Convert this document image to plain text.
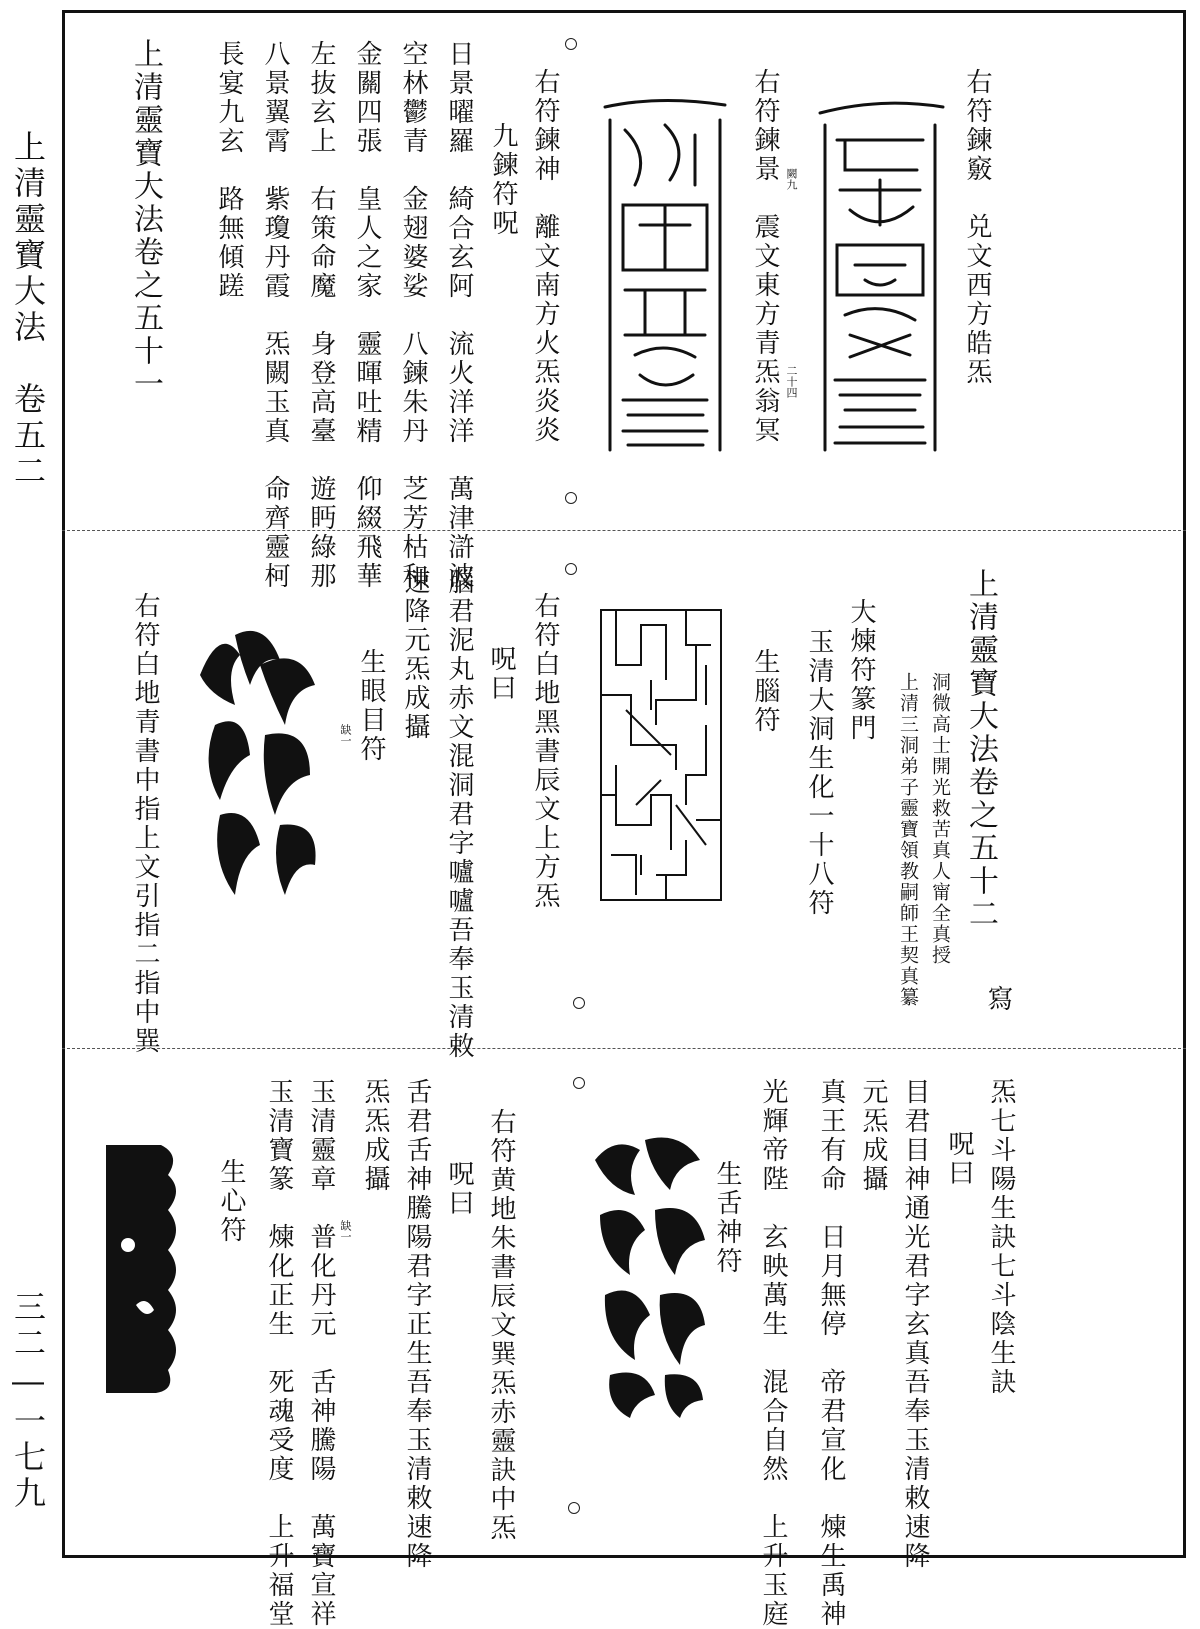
上清靈寶大法　卷五二
三二―一七九
右符鍊竅　兑文西方皓炁
右符鍊景　震文東方青炁翁冥 闕九
二十四
右符鍊神　離文南方火炁炎炎
九鍊符呪
日景曜羅　綺合玄阿　流火洋洋　萬津滸波
空林鬱青　金翅婆娑　八鍊朱丹　芝芳枯和
金關四張　皇人之家　靈暉吐精　仰綴飛華
左抜玄上　右策命魔　身登高臺　遊眄綠那
八景翼霄　紫瓊丹霞　炁闕玉真　命齊靈柯
長宴九玄　路無傾蹉
上清靈寶大法卷之五十一
上清靈寶大法卷之五十二
洞微高士開光救苦真人甯全真授
上清三洞弟子靈寶領教嗣師王契真纂 寫
大煉符篆門
玉清大洞生化一十八符
生腦符
右符白地黑書辰文上方炁
呪曰
腦君泥丸赤文混洞君字嚧嚧吾奉玉清敕
速降元炁成攝
生眼目符
缺一
右符白地青書中指上文引指二指中巽
炁七斗陽生訣七斗陰生訣
呪曰
目君目神通光君字玄真吾奉玉清敕速降
元炁成攝
真王有命　日月無停　帝君宣化　煉生禹神
光輝帝陛　玄映萬生　混合自然　上升玉庭
生舌神符
右符黄地朱書辰文巽炁赤靈訣中炁
呪曰
舌君舌神騰陽君字正生吾奉玉清敕速降
炁炁成攝
缺一
玉清靈章　普化丹元　舌神騰陽　萬寶宣祥
玉清寶篆　煉化正生　死魂受度　上升福堂
生心符
